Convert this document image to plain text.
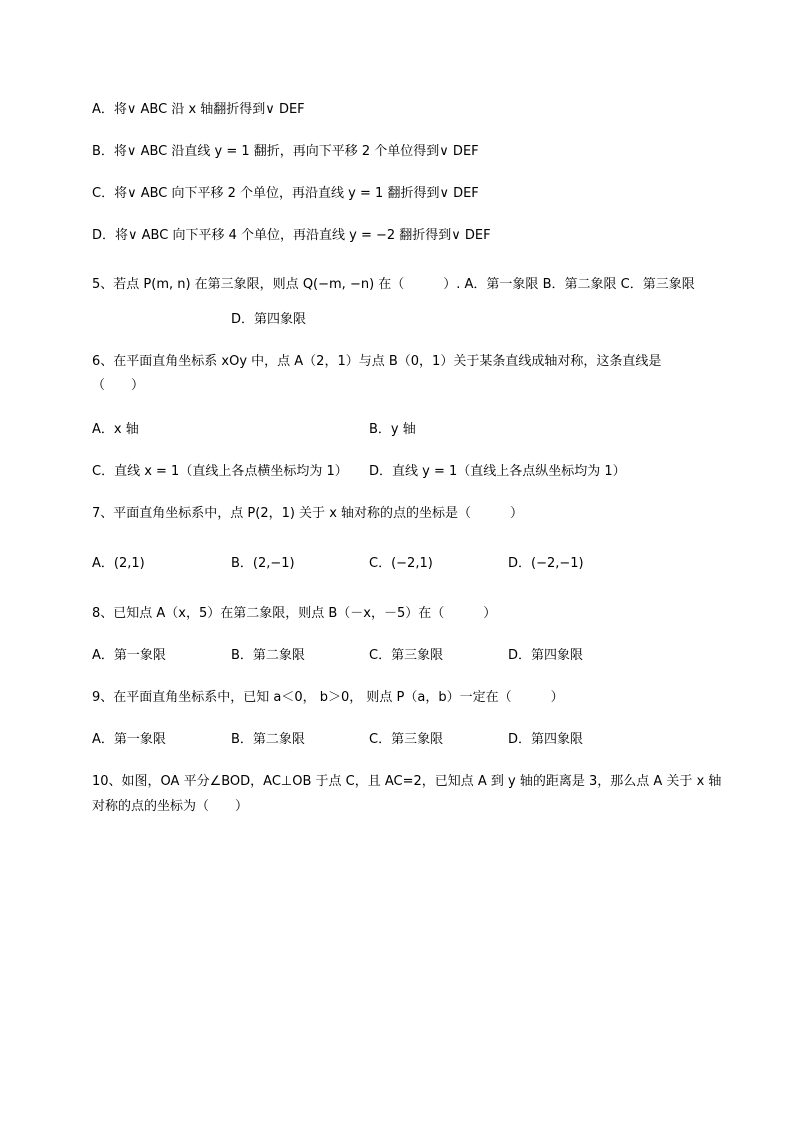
A．将∨ ABC 沿 x 轴翻折得到∨ DEF
B．将∨ ABC 沿直线 y = 1 翻折，再向下平移 2 个单位得到∨ DEF
C．将∨ ABC 向下平移 2 个单位，再沿直线 y = 1 翻折得到∨ DEF
D．将∨ ABC 向下平移 4 个单位，再沿直线 y = −2 翻折得到∨ DEF
5、若点 P(m, n) 在第三象限，则点 Q(−m, −n) 在（　　　）. A．第一象限 B．第二象限 C．第三象限
D．第四象限
6、在平面直角坐标系 xOy 中，点 A（2，1）与点 B（0，1）关于某条直线成轴对称，这条直线是
（　　）
A．x 轴	B．y 轴
C．直线 x = 1（直线上各点横坐标均为 1） D．直线 y = 1（直线上各点纵坐标均为 1）
7、平面直角坐标系中，点 P(2，1) 关于 x 轴对称的点的坐标是（　　　）
A．(2,1)	B．(2,−1)	C．(−2,1)	D．(−2,−1)
8、已知点 A（x，5）在第二象限，则点 B（－x，－5）在（　　　）
A．第一象限	B．第二象限	C．第三象限	D．第四象限
9、在平面直角坐标系中，已知 a＜0， b＞0， 则点 P（a，b）一定在（　　　）
A．第一象限	B．第二象限	C．第三象限	D．第四象限
10、如图，OA 平分∠BOD，AC⊥OB 于点 C，且 AC=2，已知点 A 到 y 轴的距离是 3，那么点 A 关于 x 轴
对称的点的坐标为（　　）
